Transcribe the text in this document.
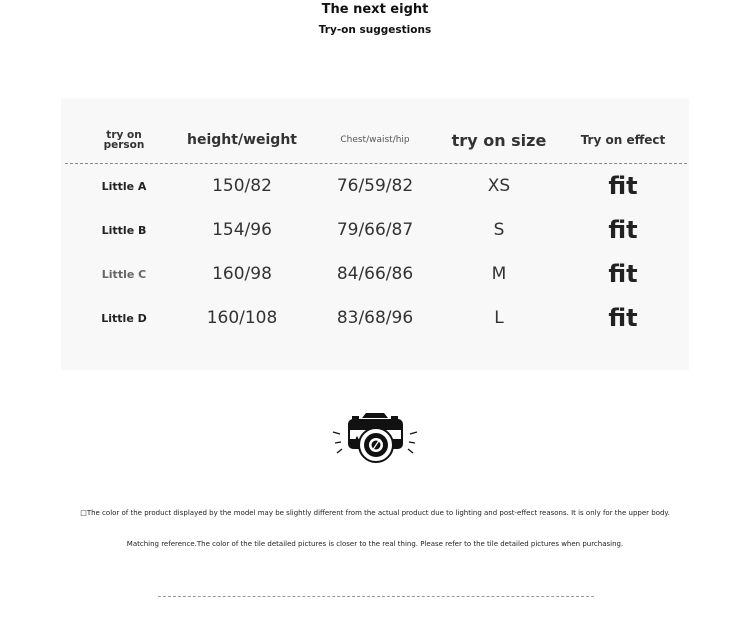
The next eight
Try-on suggestions
try on person	height/weight	Chest/waist/hip	try on size	Try on effect
Little A	150/82	76/59/82	XS	fit
Little B	154/96	79/66/87	S	fit
Little C	160/98	84/66/86	M	fit
Little D	160/108	83/68/96	L	fit
□The color of the product displayed by the model may be slightly different from the actual product due to lighting and post-effect reasons. It is only for the upper body.
Matching reference.The color of the tile detailed pictures is closer to the real thing. Please refer to the tile detailed pictures when purchasing.
